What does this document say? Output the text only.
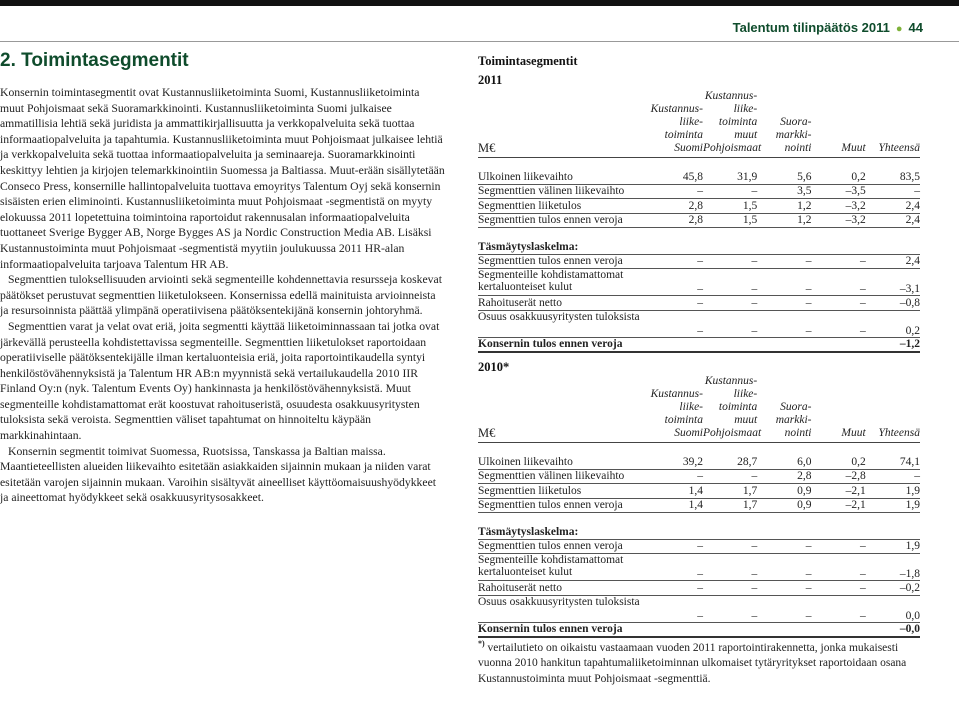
Talentum tilinpäätös 2011 ● 44
2. Toimintasegmentit

Konsernin toimintasegmentit ovat Kustannusliiketoiminta Suomi, Kustannusliiketoiminta muut Pohjoismaat sekä Suoramarkkinointi. Kustannusliiketoiminta Suomi julkaisee ammatillisia lehtiä sekä juridista ja ammattikirjallisuutta ja verkkopalveluita sekä tuottaa informaatiopalveluita ja tapahtumia. Kustannusliiketoiminta muut Pohjoismaat julkaisee lehtiä ja verkkopalveluita sekä tuottaa informaatiopalveluita ja seminaareja. Suoramarkkinointi keskittyy lehtien ja kirjojen telemarkkinointiin Suomessa ja Baltiassa. Muut-erään sisällytetään Conseco Press, konsernille hallintopalveluita tuottava emoyritys Talentum Oyj sekä konsernin sisäisten erien eliminointi. Kustannusliiketoiminta muut Pohjoismaat -segmentistä on myyty elokuussa 2011 lopetettuina toimintoina raportoidut rakennusalan informaatiopalveluita tuottaneet Sverige Bygger AB, Norge Bygges AS ja Nordic Construction Media AB. Lisäksi Kustannustoiminta muut Pohjoismaat -segmentistä myytiin joulukuussa 2011 HR-alan informaatiopalveluita tarjoava Talentum HR AB.

Segmenttien tuloksellisuuden arviointi sekä segmenteille kohdennettavia resursseja koskevat päätökset perustuvat segmenttien liiketulokseen. Konsernissa edellä mainituista arvioinneista ja resursoinnista päättää ylimpänä operatiivisena päätöksentekijänä konsernin johtoryhmä.

Segmenttien varat ja velat ovat eriä, joita segmentti käyttää liiketoiminnassaan tai jotka ovat järkevällä perusteella kohdistettavissa segmenteille. Segmenttien liiketulokset raportoidaan operatiiviselle päätöksentekijälle ilman kertaluonteisia eriä, joita raportointikaudella syntyi henkilöstövähennyksistä ja Talentum HR AB:n myynnistä sekä vertailukaudella 2010 IIR Finland Oy:n (nyk. Talentum Events Oy) hankinnasta ja henkilöstövähennyksistä. Muut segmenteille kohdistamattomat erät koostuvat rahoituseristä, osuudesta osakkuusyritysten tuloksista sekä veroista. Segmenttien väliset tapahtumat on hinnoiteltu käypään markkinahintaan.

Konsernin segmentit toimivat Suomessa, Ruotsissa, Tanskassa ja Baltian maissa. Maantieteellisten alueiden liikevaihto esitetään asiakkaiden sijainnin mukaan ja niiden varat esitetään varojen sijainnin mukaan. Varoihin sisältyvät aineelliset käyttöomaisuushyödykkeet ja aineettomat hyödykkeet sekä osakkuusyritysosakkeet.

Toimintasegmentit
2011
M€	Kustannus-
liike-
toiminta
Suomi	Kustannus-
liike-
toiminta
muut
Pohjoismaat	Suora-
markki-
nointi	Muut	Yhteensä

Ulkoinen liikevaihto	45,8	31,9	5,6	0,2	83,5
Segmenttien välinen liikevaihto	–	–	3,5	–3,5	–
Segmenttien liiketulos	2,8	1,5	1,2	–3,2	2,4
Segmenttien tulos ennen veroja	2,8	1,5	1,2	–3,2	2,4

Täsmäytyslaskelma:					
Segmenttien tulos ennen veroja	–	–	–	–	2,4
Segmenteille kohdistamattomat kertaluonteiset kulut	–	–	–	–	–3,1
Rahoituserät netto	–	–	–	–	–0,8
Osuus osakkuusyritysten tuloksista	–	–	–	–	0,2
Konsernin tulos ennen veroja					–1,2
2010*
M€	Kustannus-
liike-
toiminta
Suomi	Kustannus-
liike-
toiminta
muut
Pohjoismaat	Suora-
markki-
nointi	Muut	Yhteensä

Ulkoinen liikevaihto	39,2	28,7	6,0	0,2	74,1
Segmenttien välinen liikevaihto	–	–	2,8	–2,8	–
Segmenttien liiketulos	1,4	1,7	0,9	–2,1	1,9
Segmenttien tulos ennen veroja	1,4	1,7	0,9	–2,1	1,9

Täsmäytyslaskelma:					
Segmenttien tulos ennen veroja	–	–	–	–	1,9
Segmenteille kohdistamattomat kertaluonteiset kulut	–	–	–	–	–1,8
Rahoituserät netto	–	–	–	–	–0,2
Osuus osakkuusyritysten tuloksista	–	–	–	–	0,0
Konsernin tulos ennen veroja					–0,0
*) vertailutieto on oikaistu vastaamaan vuoden 2011 raportointirakennetta, jonka mukaisesti vuonna 2010 hankitun tapahtumaliiketoiminnan ulkomaiset tytäryritykset raportoidaan osana Kustannustoiminta muut Pohjoismaat -segmenttiä.
